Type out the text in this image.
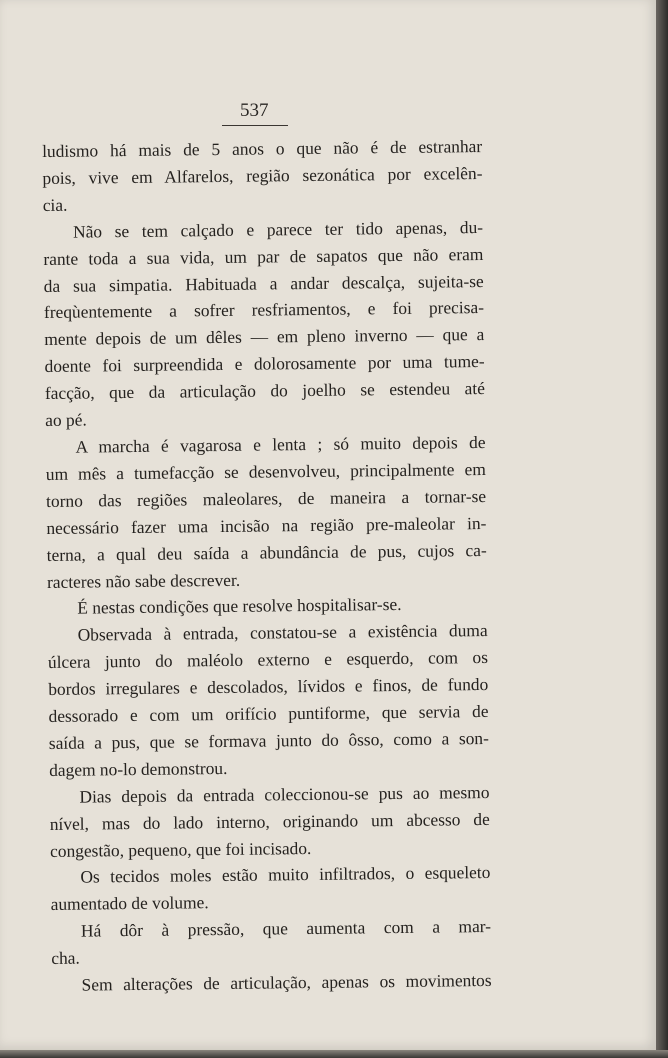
537
ludismo há mais de 5 anos o que não é de estranhar
pois, vive em Alfarelos, região sezonática por excelên-
cia.
Não se tem calçado e parece ter tido apenas, du-
rante toda a sua vida, um par de sapatos que não eram
da sua simpatia. Habituada a andar descalça, sujeita-se
freqùentemente a sofrer resfriamentos, e foi precisa-
mente depois de um dêles — em pleno inverno — que a
doente foi surpreendida e dolorosamente por uma tume-
facção, que da articulação do joelho se estendeu até
ao pé.
A marcha é vagarosa e lenta ; só muito depois de
um mês a tumefacção se desenvolveu, principalmente em
torno das regiões maleolares, de maneira a tornar-se
necessário fazer uma incisão na região pre-maleolar in-
terna, a qual deu saída a abundância de pus, cujos ca-
racteres não sabe descrever.
É nestas condições que resolve hospitalisar-se.
Observada à entrada, constatou-se a existência duma
úlcera junto do maléolo externo e esquerdo, com os
bordos irregulares e descolados, lívidos e finos, de fundo
dessorado e com um orifício puntiforme, que servia de
saída a pus, que se formava junto do ôsso, como a son-
dagem no-lo demonstrou.
Dias depois da entrada coleccionou-se pus ao mesmo
nível, mas do lado interno, originando um abcesso de
congestão, pequeno, que foi incisado.
Os tecidos moles estão muito infiltrados, o esqueleto
aumentado de volume.
Há dôr à pressão, que aumenta com a mar-
cha.
Sem alterações de articulação, apenas os movimentos
